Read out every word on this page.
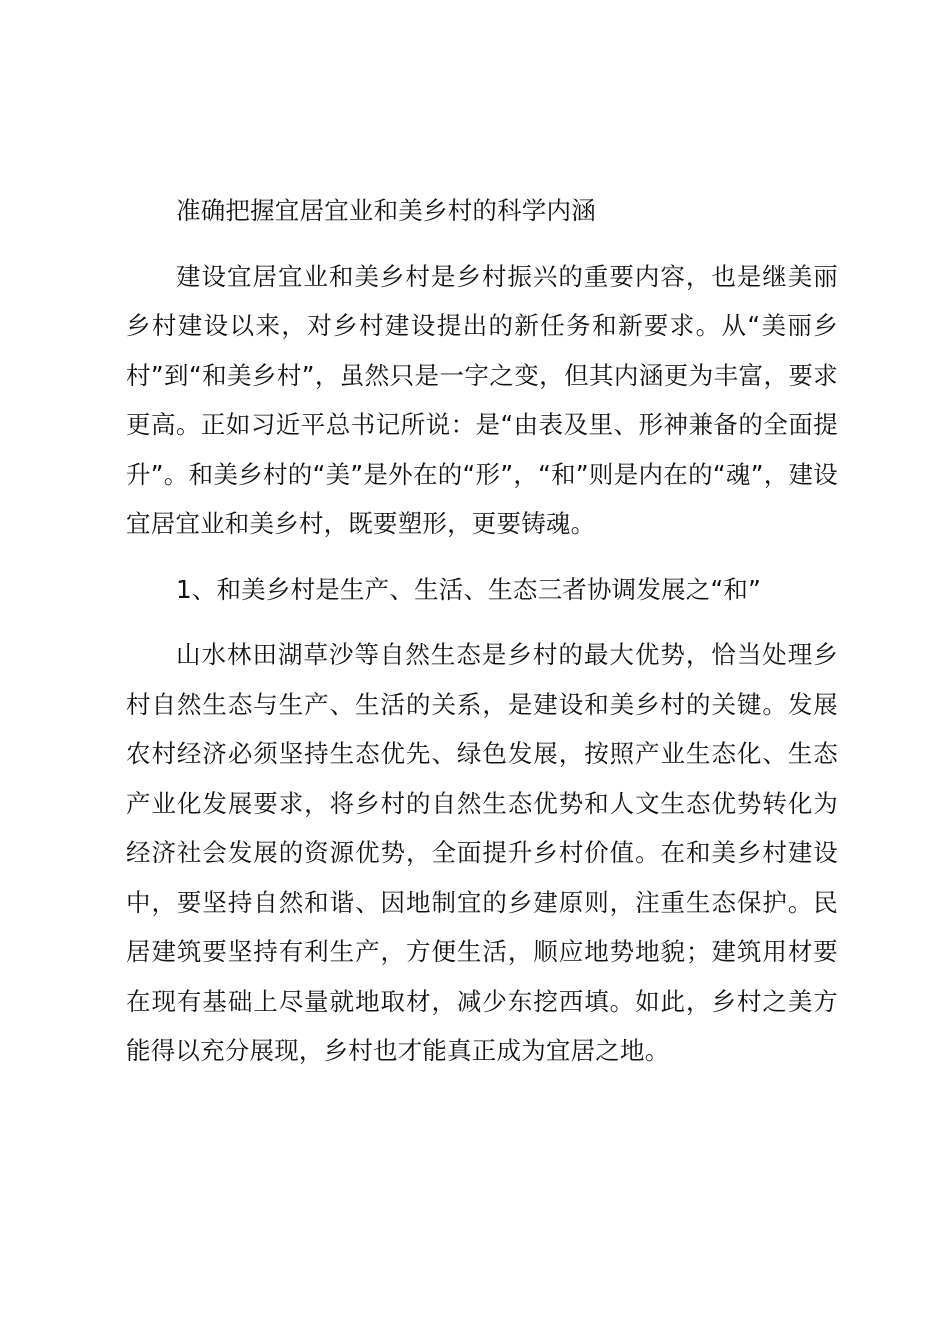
准确把握宜居宜业和美乡村的科学内涵

建设宜居宜业和美乡村是乡村振兴的重要内容，也是继美丽乡村建设以来，对乡村建设提出的新任务和新要求。从“美丽乡村”到“和美乡村”，虽然只是一字之变，但其内涵更为丰富，要求更高。正如习近平总书记所说：是“由表及里、形神兼备的全面提升”。和美乡村的“美”是外在的“形”，“和”则是内在的“魂”，建设宜居宜业和美乡村，既要塑形，更要铸魂。

1、和美乡村是生产、生活、生态三者协调发展之“和”

山水林田湖草沙等自然生态是乡村的最大优势，恰当处理乡村自然生态与生产、生活的关系，是建设和美乡村的关键。发展农村经济必须坚持生态优先、绿色发展，按照产业生态化、生态产业化发展要求，将乡村的自然生态优势和人文生态优势转化为经济社会发展的资源优势，全面提升乡村价值。在和美乡村建设中，要坚持自然和谐、因地制宜的乡建原则，注重生态保护。民居建筑要坚持有利生产，方便生活，顺应地势地貌；建筑用材要在现有基础上尽量就地取材，减少东挖西填。如此，乡村之美方能得以充分展现，乡村也才能真正成为宜居之地。
